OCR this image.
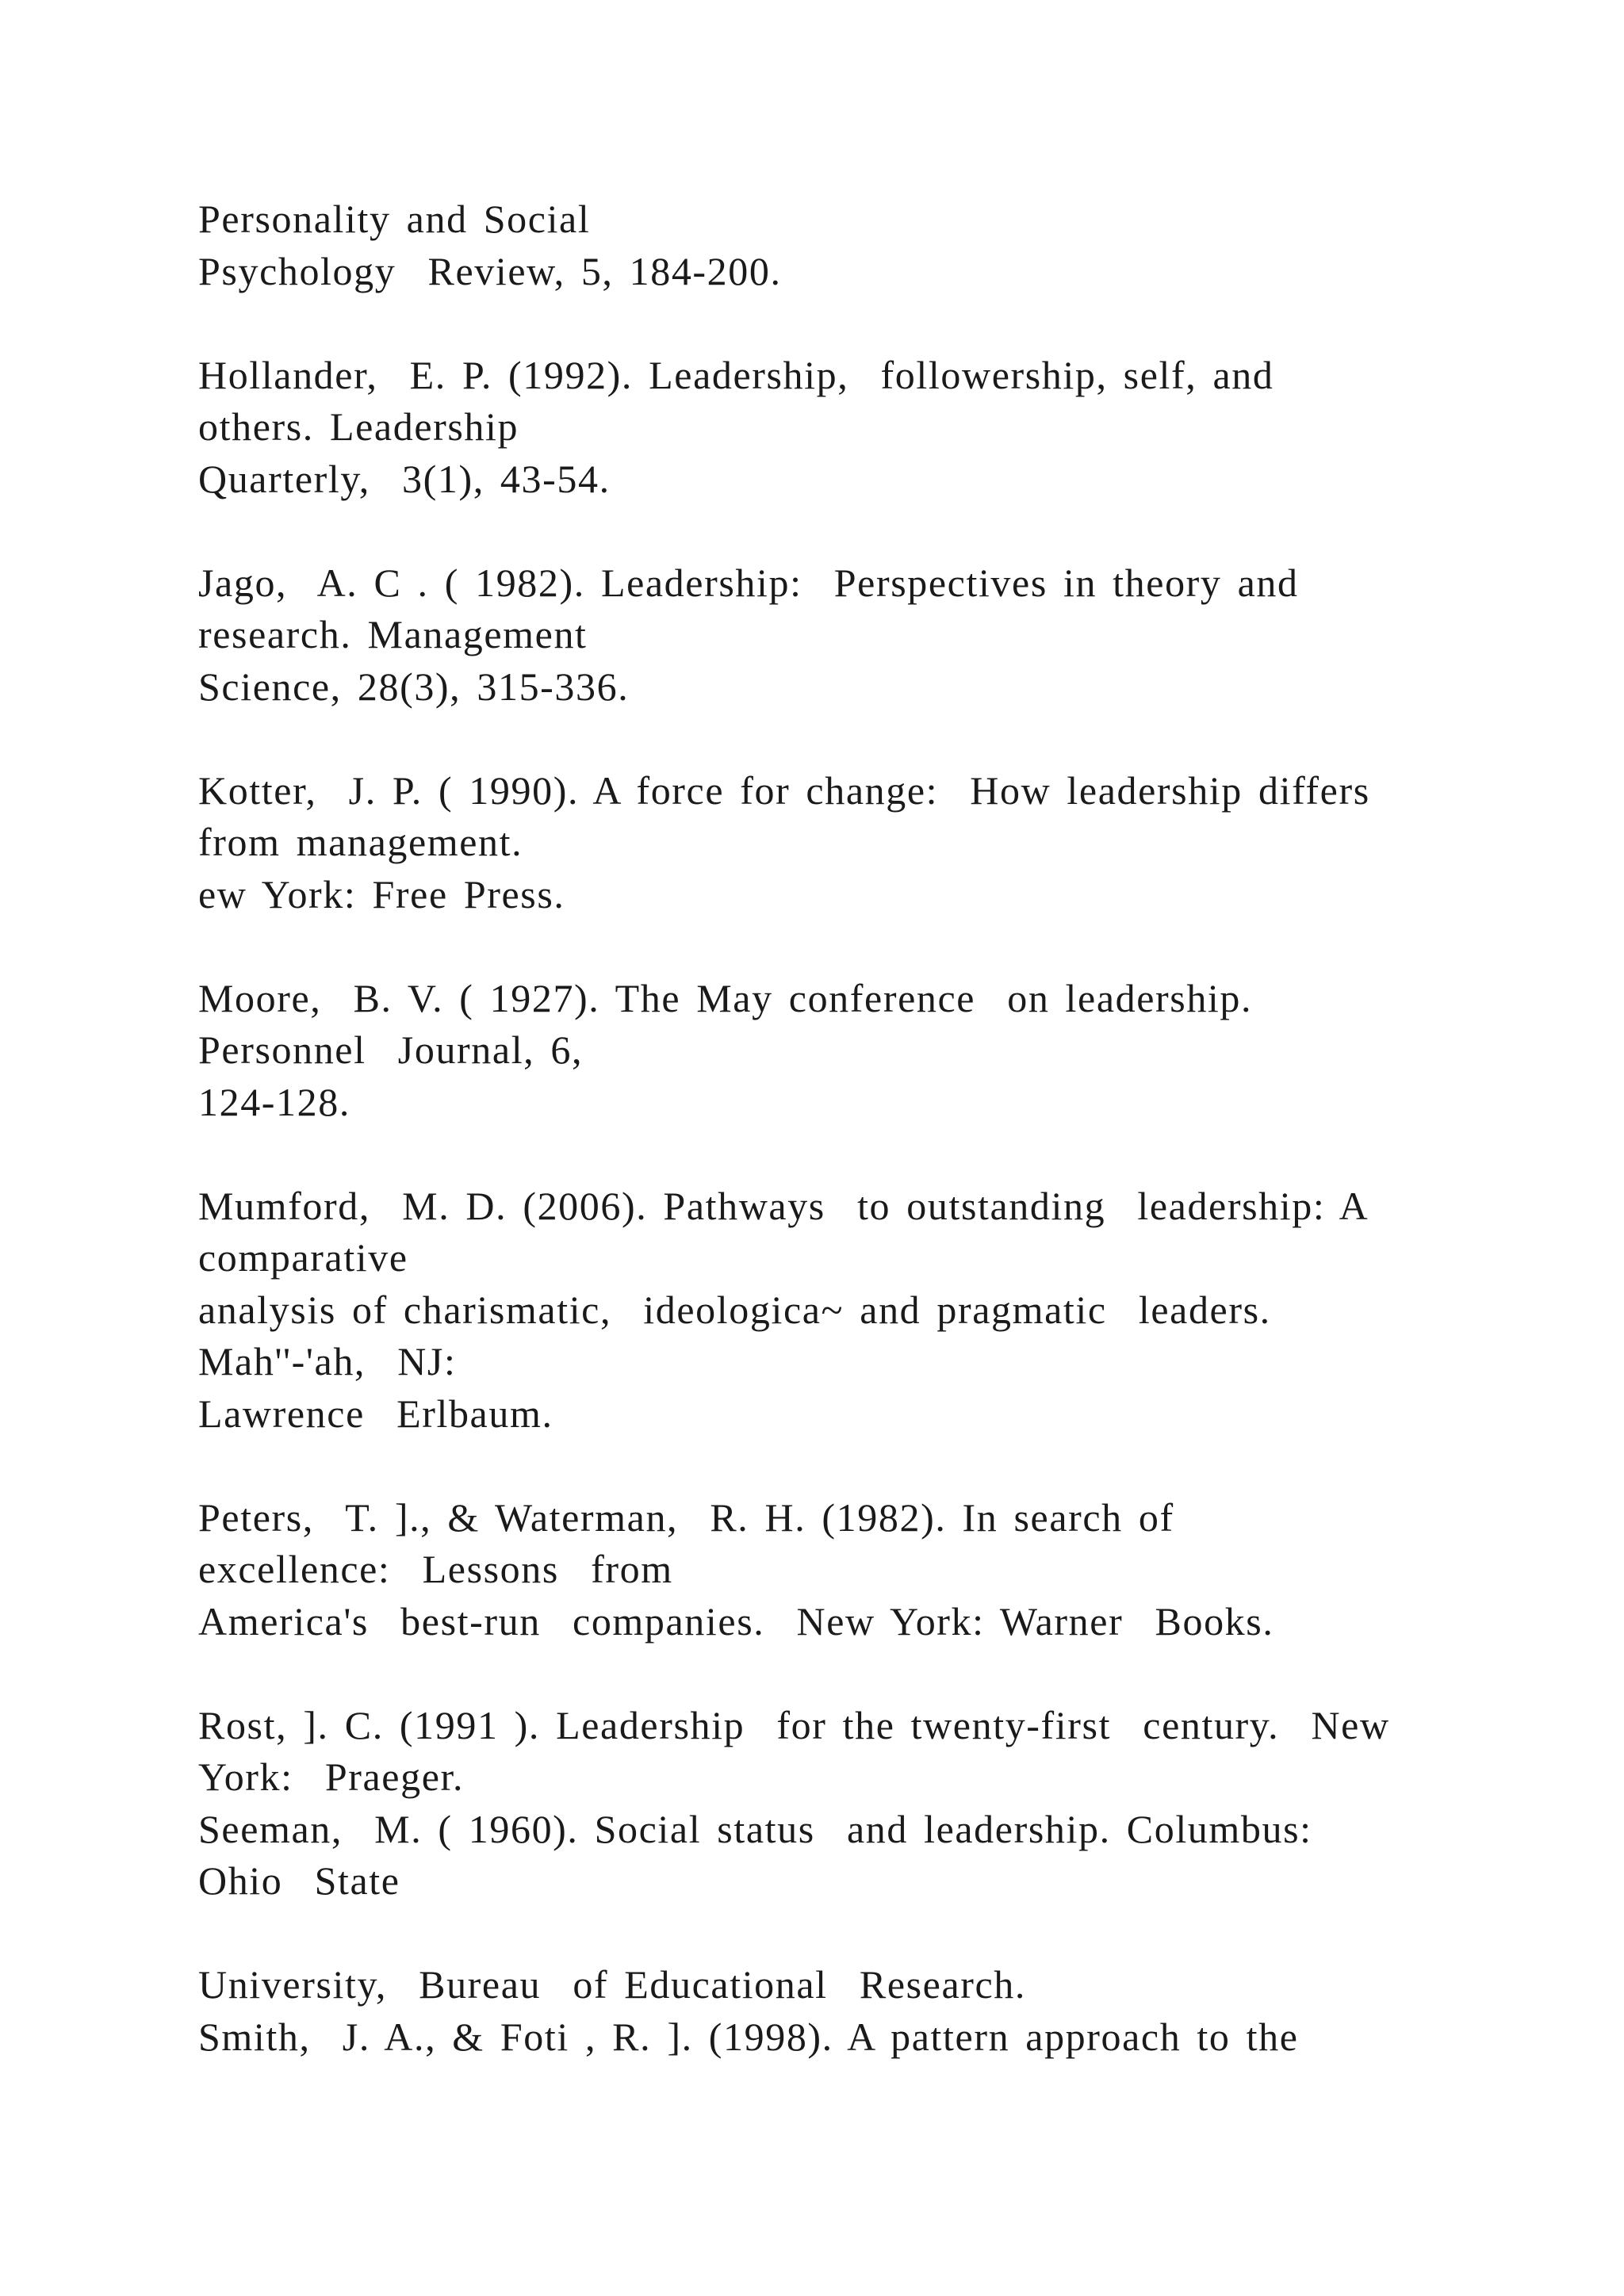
Personality and Social
Psychology  Review, 5, 184-200.
Hollander,  E. P. (1992). Leadership,  followership, self, and
others. Leadership
Quarterly,  3(1), 43-54.
Jago,  A. C . ( 1982). Leadership:  Perspectives in theory and
research. Management
Science, 28(3), 315-336.
Kotter,  J. P. ( 1990). A force for change:  How leadership differs
from management.
ew York: Free Press.
Moore,  B. V. ( 1927). The May conference  on leadership.
Personnel  Journal, 6,
124-128.
Mumford,  M. D. (2006). Pathways  to outstanding  leadership: A
comparative
analysis of charismatic,  ideologica~ and pragmatic  leaders.
Mah''-'ah,  NJ:
Lawrence  Erlbaum.
Peters,  T. ]., & Waterman,  R. H. (1982). In search of
excellence:  Lessons  from
America's  best-run  companies.  New York: Warner  Books.
Rost, ]. C. (1991 ). Leadership  for the twenty-first  century.  New
York:  Praeger.
Seeman,  M. ( 1960). Social status  and leadership. Columbus:
Ohio  State
University,  Bureau  of Educational  Research.
Smith,  J. A., & Foti , R. ]. (1998). A pattern approach to the
